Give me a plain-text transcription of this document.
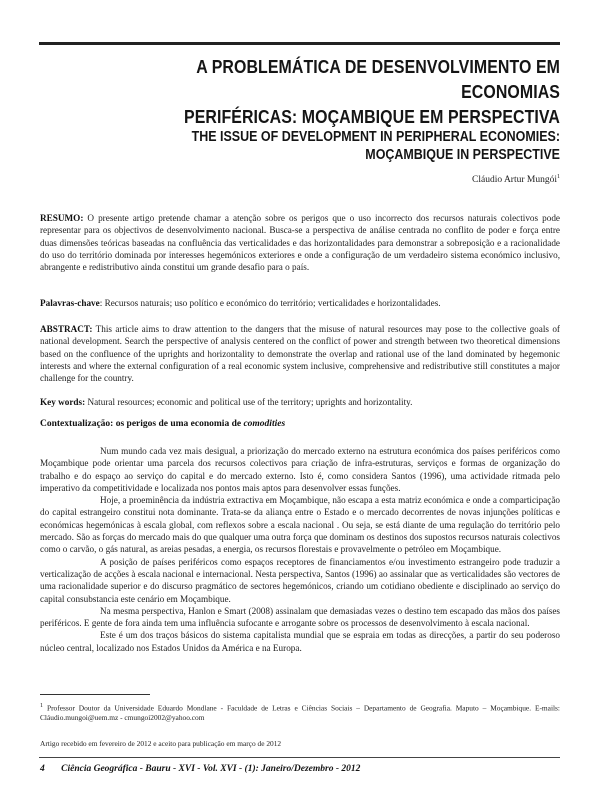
A PROBLEMÁTICA DE DESENVOLVIMENTO EM ECONOMIAS
PERIFÉRICAS: MOÇAMBIQUE EM PERSPECTIVA
THE ISSUE OF DEVELOPMENT IN PERIPHERAL ECONOMIES:
MOÇAMBIQUE IN PERSPECTIVE
Cláudio Artur Mungói$^1$

RESUMO: O presente artigo pretende chamar a atenção sobre os perigos que o uso incorrecto dos recursos naturais colectivos pode representar para os objectivos de desenvolvimento nacional. Busca-se a perspectiva de análise centrada no conflito de poder e força entre duas dimensões teóricas baseadas na confluência das verticalidades e das horizontalidades para demonstrar a sobreposição e a racionalidade do uso do território dominada por interesses hegemónicos exteriores e onde a configuração de um verdadeiro sistema económico inclusivo, abrangente e redistributivo ainda constitui um grande desafio para o país.

Palavras-chave: Recursos naturais; uso político e económico do território; verticalidades e horizontalidades.

ABSTRACT: This article aims to draw attention to the dangers that the misuse of natural resources may pose to the collective goals of national development. Search the perspective of analysis centered on the conflict of power and strength between two theoretical dimensions based on the confluence of the uprights and horizontality to demonstrate the overlap and rational use of the land dominated by hegemonic interests and where the external configuration of a real economic system inclusive, comprehensive and redistributive still constitutes a major challenge for the country.

Key words: Natural resources; economic and political use of the territory; uprights and horizontality.

Contextualização: os perigos de uma economia de comodities

Num mundo cada vez mais desigual, a priorização do mercado externo na estrutura económica dos países periféricos como Moçambique pode orientar uma parcela dos recursos colectivos para criação de infra-estruturas, serviços e formas de organização do trabalho e do espaço ao serviço do capital e do mercado externo. Isto é, como considera Santos (1996), uma actividade ritmada pelo imperativo da competitividade e localizada nos pontos mais aptos para desenvolver essas funções.

Hoje, a proeminência da indústria extractiva em Moçambique, não escapa a esta matriz económica e onde a comparticipação do capital estrangeiro constitui nota dominante. Trata-se da aliança entre o Estado e o mercado decorrentes de novas injunções políticas e económicas hegemónicas à escala global, com reflexos sobre a escala nacional . Ou seja, se está diante de uma regulação do território pelo mercado. São as forças do mercado mais do que qualquer uma outra força que dominam os destinos dos supostos recursos naturais colectivos como o carvão, o gás natural, as areias pesadas, a energia, os recursos florestais e provavelmente o petróleo em Moçambique.

A posição de países periféricos como espaços receptores de financiamentos e/ou investimento estrangeiro pode traduzir a verticalização de acções à escala nacional e internacional. Nesta perspectiva, Santos (1996) ao assinalar que as verticalidades são vectores de uma racionalidade superior e do discurso pragmático de sectores hegemónicos, criando um cotidiano obediente e disciplinado ao serviço do capital consubstancia este cenário em Moçambique.

Na mesma perspectiva, Hanlon e Smart (2008) assinalam que demasiadas vezes o destino tem escapado das mãos dos países periféricos. E gente de fora ainda tem uma influência sufocante e arrogante sobre os processos de desenvolvimento à escala nacional.

Este é um dos traços básicos do sistema capitalista mundial que se espraia em todas as direcções, a partir do seu poderoso núcleo central, localizado nos Estados Unidos da América e na Europa.

$^1$ Professor Doutor da Universidade Eduardo Mondlane - Faculdade de Letras e Ciências Sociais – Departamento de Geografia. Maputo – Moçambique. E-mails: Cláudio.mungoi@uem.mz - cmungoi2002@yahoo.com

Artigo recebido em fevereiro de 2012 e aceito para publicação em março de 2012

4 Ciência Geográfica - Bauru - XVI - Vol. XVI - (1): Janeiro/Dezembro - 2012
